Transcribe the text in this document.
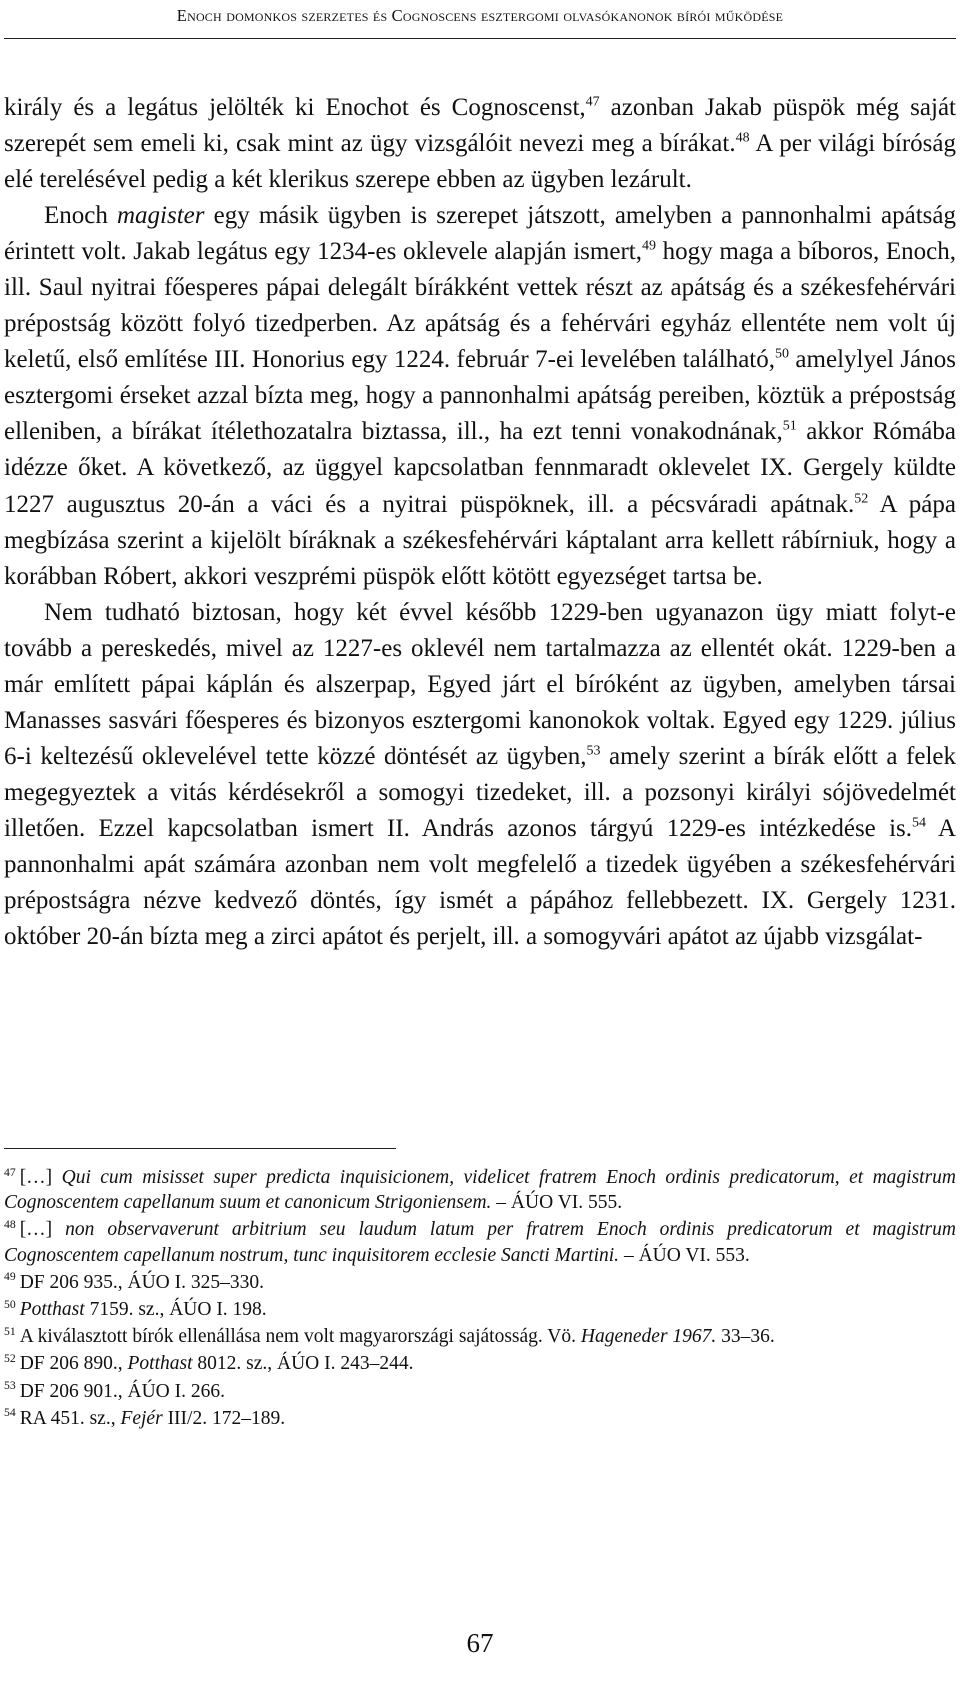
Enoch domonkos szerzetes és Cognoscens esztergomi olvasókanonok bírói működése

király és a legátus jelölték ki Enochot és Cognoscenst,$^{47}$ azonban Jakab püspök még saját szerepét sem emeli ki, csak mint az ügy vizsgálóit nevezi meg a bírákat.$^{48}$ A per világi bíróság elé terelésével pedig a két klerikus szerepe ebben az ügyben lezárult.

Enoch magister egy másik ügyben is szerepet játszott, amelyben a pannonhalmi apátság érintett volt. Jakab legátus egy 1234-es oklevele alapján ismert,$^{49}$ hogy maga a bíboros, Enoch, ill. Saul nyitrai főesperes pápai delegált bírákként vettek részt az apátság és a székesfehérvári prépostság között folyó tizedperben. Az apátság és a fehérvári egyház ellentéte nem volt új keletű, első említése III. Honorius egy 1224. február 7-ei levelében található,$^{50}$ amelylyel János esztergomi érseket azzal bízta meg, hogy a pannonhalmi apátság pereiben, köztük a prépostság elleniben, a bírákat ítélethozatalra biztassa, ill., ha ezt tenni vonakodnának,$^{51}$ akkor Rómába idézze őket. A következő, az üggyel kapcsolatban fennmaradt oklevelet IX. Gergely küldte 1227 augusztus 20-án a váci és a nyitrai püspöknek, ill. a pécsváradi apátnak.$^{52}$ A pápa megbízása szerint a kijelölt bíráknak a székesfehérvári káptalant arra kellett rábírniuk, hogy a korábban Róbert, akkori veszprémi püspök előtt kötött egyezséget tartsa be.

Nem tudható biztosan, hogy két évvel később 1229-ben ugyanazon ügy miatt folyt-e tovább a pereskedés, mivel az 1227-es oklevél nem tartalmazza az ellentét okát. 1229-ben a már említett pápai káplán és alszerpap, Egyed járt el bíróként az ügyben, amelyben társai Manasses sasvári főesperes és bizonyos esztergomi kanonokok voltak. Egyed egy 1229. július 6-i keltezésű oklevelével tette közzé döntését az ügyben,$^{53}$ amely szerint a bírák előtt a felek megegyeztek a vitás kérdésekről a somogyi tizedeket, ill. a pozsonyi királyi sójövedelmét illetően. Ezzel kapcsolatban ismert II. András azonos tárgyú 1229-es intézkedése is.$^{54}$ A pannonhalmi apát számára azonban nem volt megfelelő a tizedek ügyében a székesfehérvári prépostságra nézve kedvező döntés, így ismét a pápához fellebbezett. IX. Gergely 1231. október 20-án bízta meg a zirci apátot és perjelt, ill. a somogyvári apátot az újabb vizsgálat-

$^{47}$ […] Qui cum misisset super predicta inquisicionem, videlicet fratrem Enoch ordinis predicatorum, et magistrum Cognoscentem capellanum suum et canonicum Strigoniensem. – ÁÚO VI. 555.

$^{48}$ […] non observaverunt arbitrium seu laudum latum per fratrem Enoch ordinis predicatorum et magistrum Cognoscentem capellanum nostrum, tunc inquisitorem ecclesie Sancti Martini. – ÁÚO VI. 553.

$^{49}$ DF 206 935., ÁÚO I. 325–330.

$^{50}$ Potthast 7159. sz., ÁÚO I. 198.

$^{51}$ A kiválasztott bírók ellenállása nem volt magyarországi sajátosság. Vö. Hageneder 1967. 33–36.

$^{52}$ DF 206 890., Potthast 8012. sz., ÁÚO I. 243–244.

$^{53}$ DF 206 901., ÁÚO I. 266.

$^{54}$ RA 451. sz., Fejér III/2. 172–189.

67
